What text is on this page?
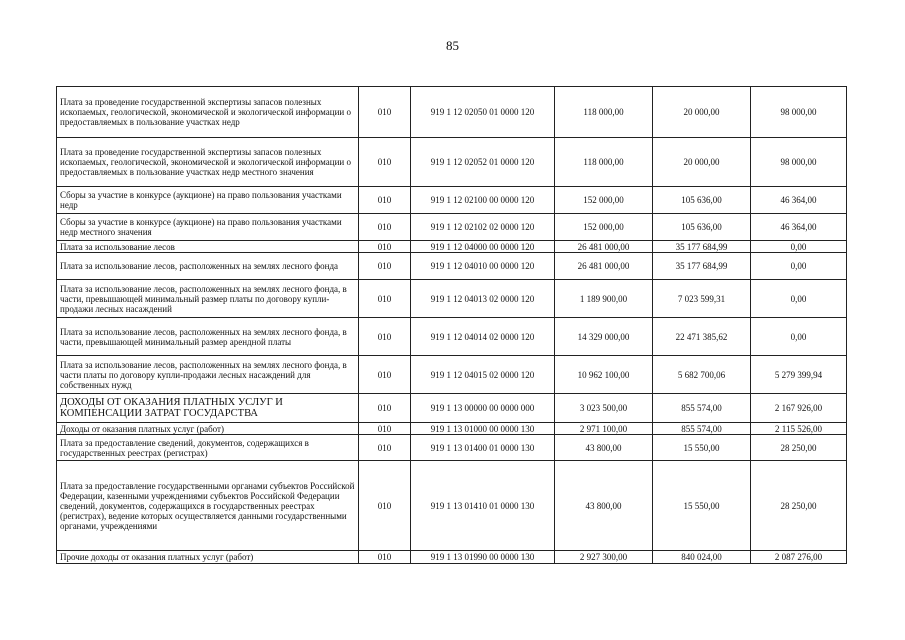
85
Плата за проведение государственной экспертизы запасов полезных ископаемых, геологической, экономической и экологической информации о предоставляемых в пользование участках недр	010	919 1 12 02050 01 0000 120	118 000,00	20 000,00	98 000,00
Плата за проведение государственной экспертизы запасов полезных ископаемых, геологической, экономической и экологической информации о предоставляемых в пользование участках недр местного значения	010	919 1 12 02052 01 0000 120	118 000,00	20 000,00	98 000,00
Сборы за участие в конкурсе (аукционе) на право пользования участками недр	010	919 1 12 02100 00 0000 120	152 000,00	105 636,00	46 364,00
Сборы за участие в конкурсе (аукционе) на право пользования участками недр местного значения	010	919 1 12 02102 02 0000 120	152 000,00	105 636,00	46 364,00
Плата за использование лесов	010	919 1 12 04000 00 0000 120	26 481 000,00	35 177 684,99	0,00
Плата за использование лесов, расположенных на землях лесного фонда	010	919 1 12 04010 00 0000 120	26 481 000,00	35 177 684,99	0,00
Плата за использование лесов, расположенных на землях лесного фонда, в части, превышающей минимальный размер платы по договору купли- продажи лесных насаждений	010	919 1 12 04013 02 0000 120	1 189 900,00	7 023 599,31	0,00
Плата за использование лесов, расположенных на землях лесного фонда, в части, превышающей минимальный размер арендной платы	010	919 1 12 04014 02 0000 120	14 329 000,00	22 471 385,62	0,00
Плата за использование лесов, расположенных на землях лесного фонда, в части платы по договору купли-продажи лесных насаждений для собственных нужд	010	919 1 12 04015 02 0000 120	10 962 100,00	5 682 700,06	5 279 399,94
ДОХОДЫ ОТ ОКАЗАНИЯ ПЛАТНЫХ УСЛУГ И КОМПЕНСАЦИИ ЗАТРАТ ГОСУДАРСТВА	010	919 1 13 00000 00 0000 000	3 023 500,00	855 574,00	2 167 926,00
Доходы от оказания платных услуг (работ)	010	919 1 13 01000 00 0000 130	2 971 100,00	855 574,00	2 115 526,00
Плата за предоставление сведений, документов, содержащихся в государственных реестрах (регистрах)	010	919 1 13 01400 01 0000 130	43 800,00	15 550,00	28 250,00
Плата за предоставление государственными органами субъектов Российской Федерации, казенными учреждениями субъектов Российской Федерации сведений, документов, содержащихся в государственных реестрах (регистрах), ведение которых осуществляется данными государственными органами, учреждениями	010	919 1 13 01410 01 0000 130	43 800,00	15 550,00	28 250,00
Прочие доходы от оказания платных услуг (работ)	010	919 1 13 01990 00 0000 130	2 927 300,00	840 024,00	2 087 276,00
